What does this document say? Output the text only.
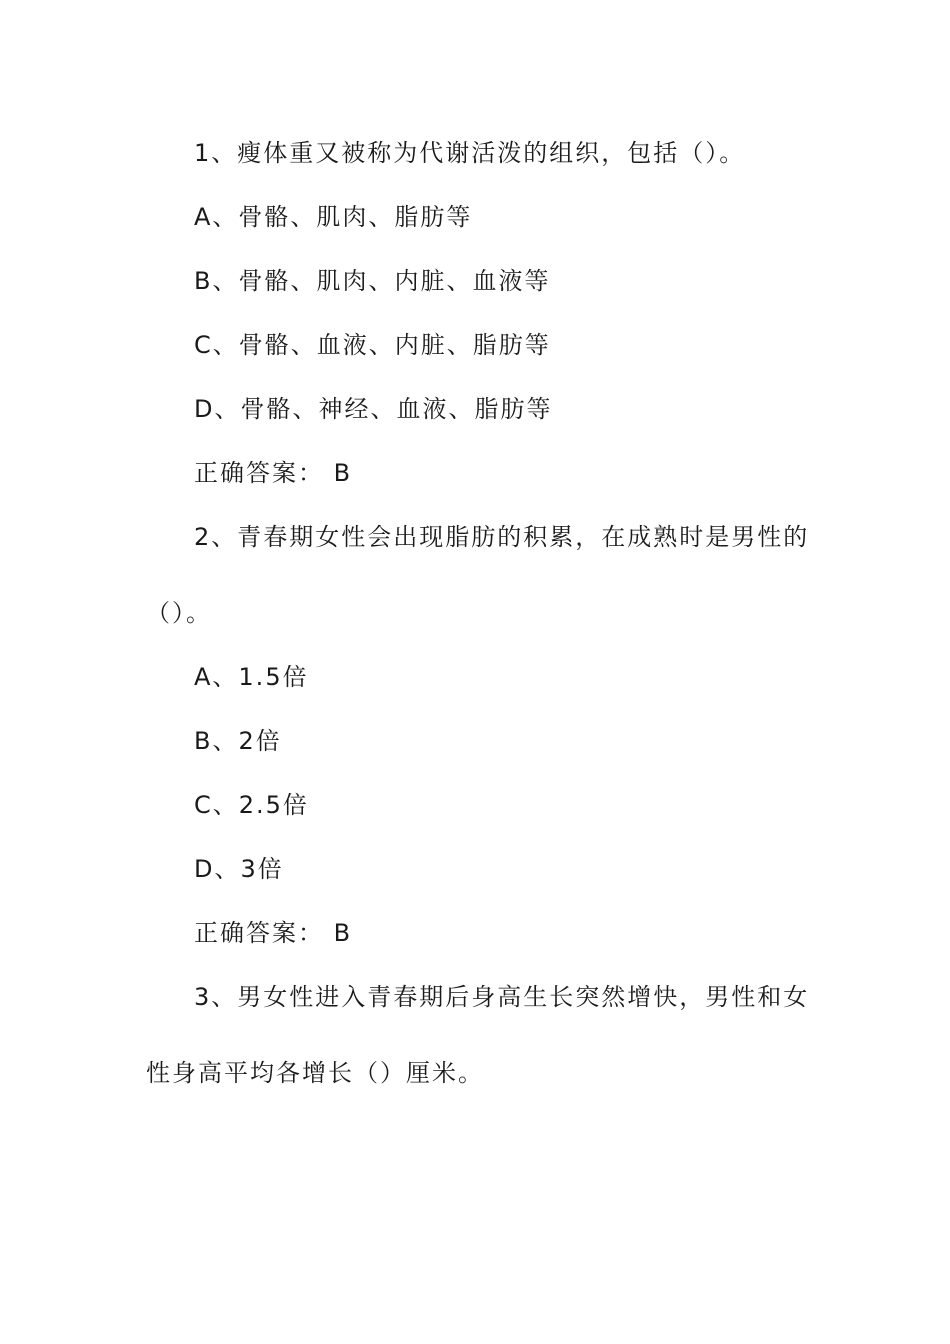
1、瘦体重又被称为代谢活泼的组织，包括（）。
A、骨骼、肌肉、脂肪等
B、骨骼、肌肉、内脏、血液等
C、骨骼、血液、内脏、脂肪等
D、骨骼、神经、血液、脂肪等
正确答案： B
2、青春期女性会出现脂肪的积累，在成熟时是男性的
（）。
A、1.5倍
B、2倍
C、2.5倍
D、3倍
正确答案： B
3、男女性进入青春期后身高生长突然增快，男性和女
性身高平均各增长（）厘米。
